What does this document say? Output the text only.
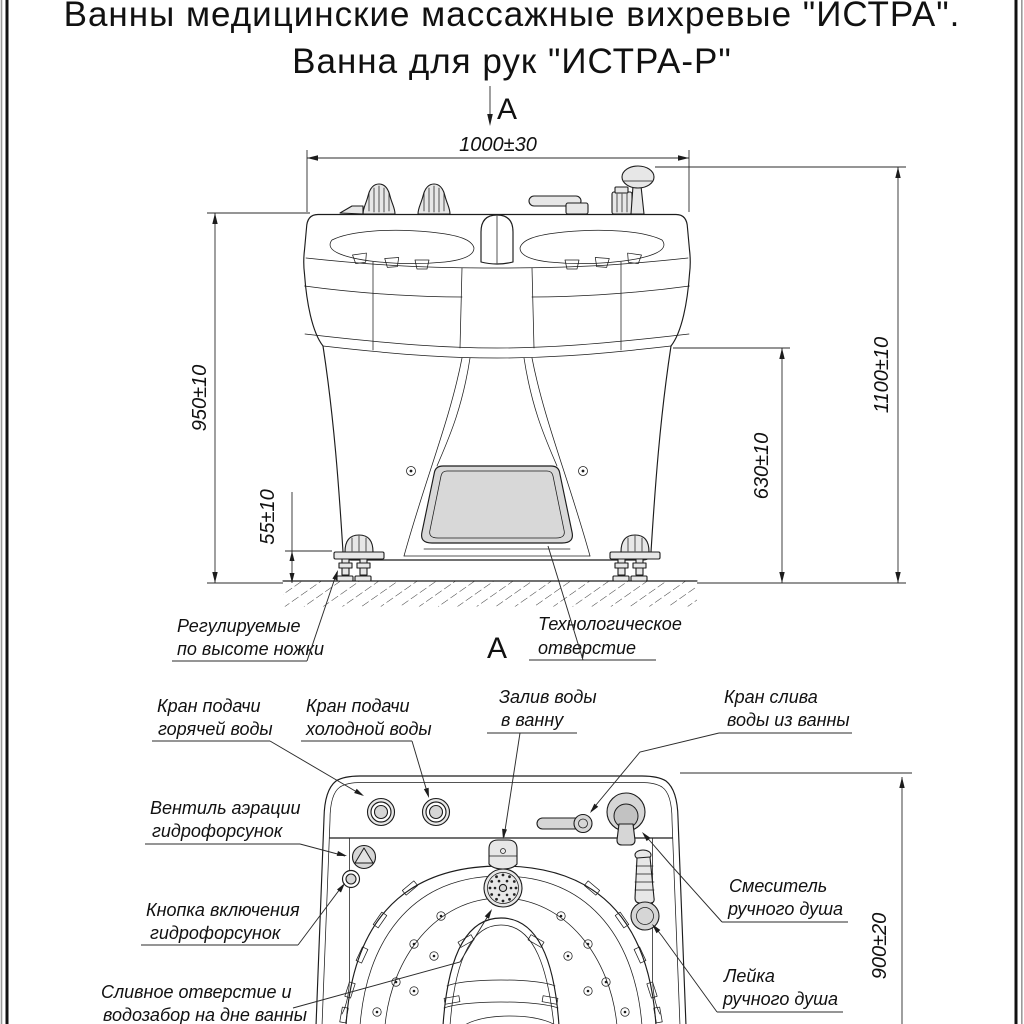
Ванны медицинские массажные вихревые "ИСТРА".
Ванна для рук "ИСТРА-Р"
А
1000±30
950±10
55±10
1100±10
630±10
Регулируемые
по высоте ножки	А
Технологическое
отверстие
900±20
Кран подачи
горячей воды
Кран подачи
холодной воды
Залив воды
в ванну
Кран слива
воды из ванны
Вентиль аэрации
гидрофорсунок
Кнопка включения
гидрофорсунок
Сливное отверстие и
водозабор на дне ванны
Смеситель
ручного душа
Лейка
ручного душа
